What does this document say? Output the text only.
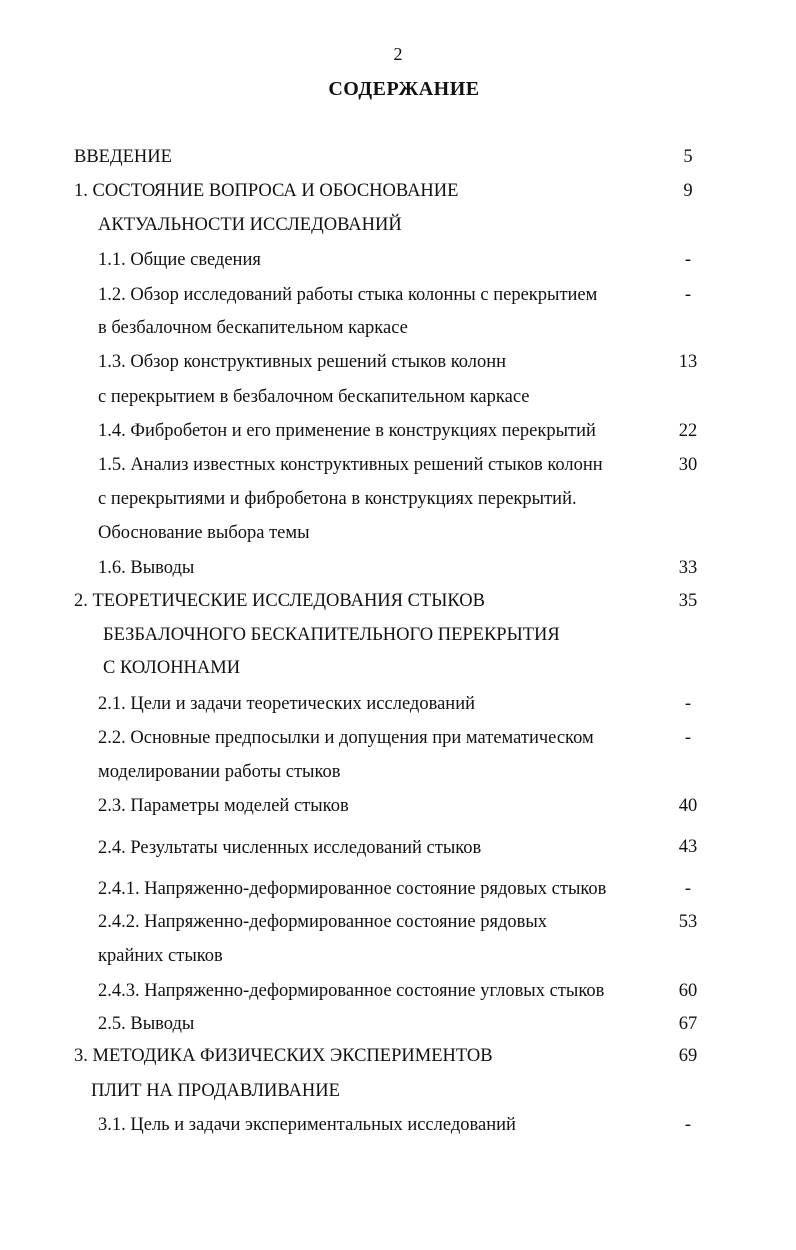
2
СОДЕРЖАНИЕ
ВВЕДЕНИЕ	5
1. СОСТОЯНИЕ ВОПРОСА И ОБОСНОВАНИЕ	9
АКТУАЛЬНОСТИ ИССЛЕДОВАНИЙ
1.1. Общие сведения	-
1.2. Обзор исследований работы стыка колонны с перекрытием	-
в безбалочном бескапительном каркасе
1.3. Обзор конструктивных решений стыков колонн	13
с перекрытием в безбалочном бескапительном каркасе
1.4. Фибробетон и его применение в конструкциях перекрытий	22
1.5. Анализ известных конструктивных решений стыков колонн	30
с перекрытиями и фибробетона в конструкциях перекрытий.
Обоснование выбора темы
1.6. Выводы	33
2. ТЕОРЕТИЧЕСКИЕ ИССЛЕДОВАНИЯ СТЫКОВ	35
БЕЗБАЛОЧНОГО БЕСКАПИТЕЛЬНОГО ПЕРЕКРЫТИЯ
С КОЛОННАМИ
2.1. Цели и задачи теоретических исследований	-
2.2. Основные предпосылки и допущения при математическом	-
моделировании работы стыков
2.3. Параметры моделей стыков	40
2.4. Результаты численных исследований стыков	43
2.4.1. Напряженно-деформированное состояние рядовых стыков	-
2.4.2. Напряженно-деформированное состояние рядовых	53
крайних стыков
2.4.3. Напряженно-деформированное состояние угловых стыков	60
2.5. Выводы	67
3. МЕТОДИКА ФИЗИЧЕСКИХ ЭКСПЕРИМЕНТОВ	69
ПЛИТ НА ПРОДАВЛИВАНИЕ
3.1. Цель и задачи экспериментальных исследований	-
